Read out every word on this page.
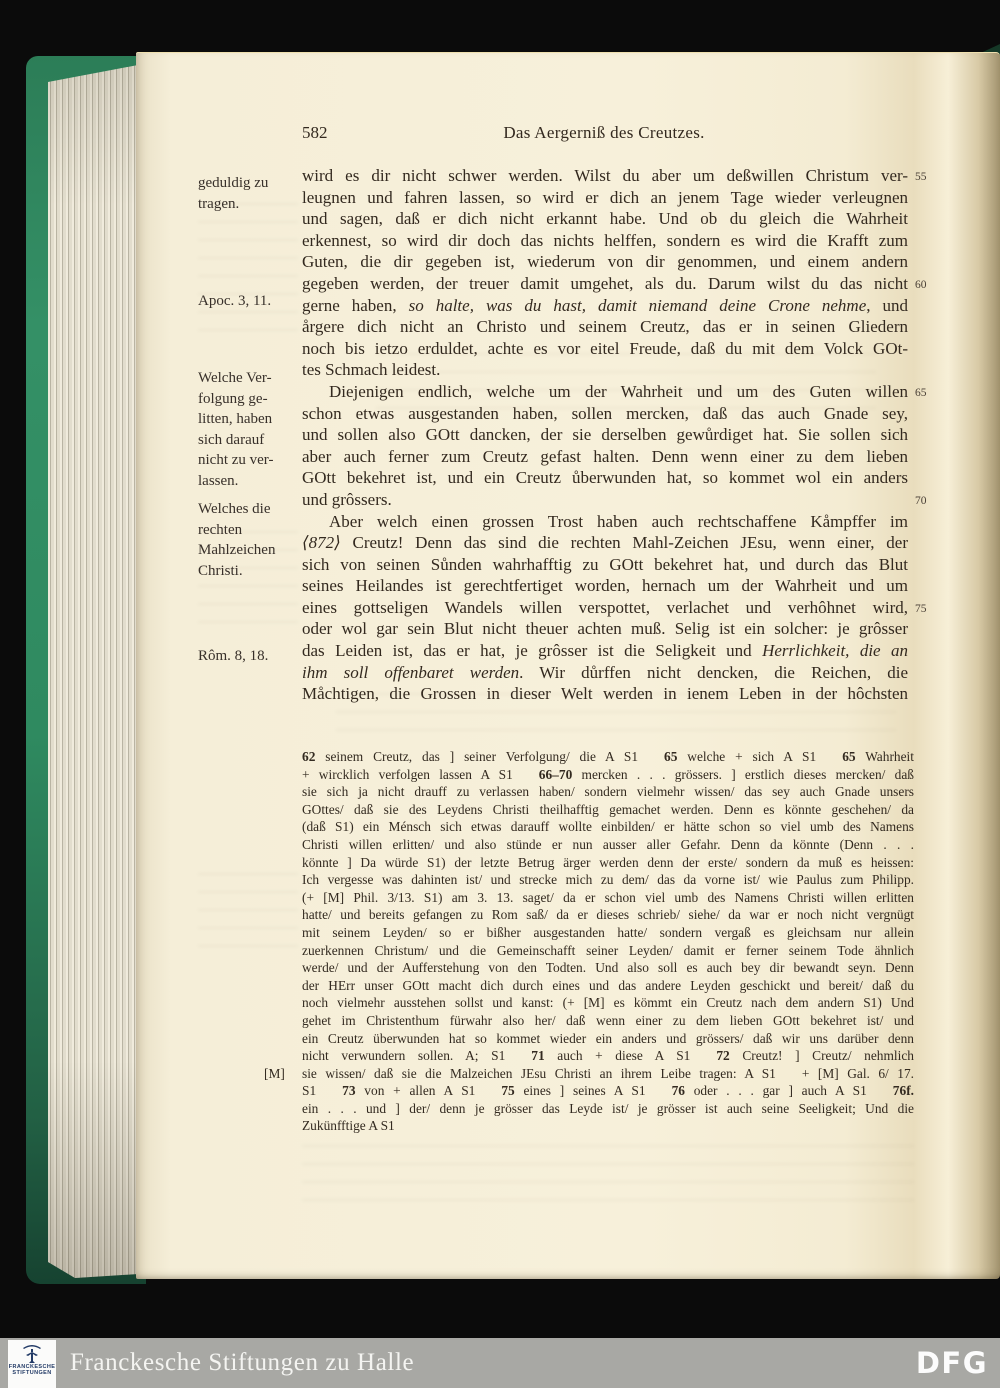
582	Das Aergerniß des Creutzes.
geduldig zu
tragen.
Apoc. 3, 11.
Welche Ver-
folgung ge-
litten, haben
sich darauf
nicht zu ver-
lassen.
Welches die
rechten
Mahlzeichen
Christi.
Rôm. 8, 18.
wird es dir nicht schwer werden. Wilst du aber um deßwillen Christum ver-
leugnen und fahren lassen, so wird er dich an jenem Tage wieder verleugnen
und sagen, daß er dich nicht erkannt habe. Und ob du gleich die Wahrheit
erkennest, so wird dir doch das nichts helffen, sondern es wird die Krafft zum
Guten, die dir gegeben ist, wiederum von dir genommen, und einem andern
gegeben werden, der treuer damit umgehet, als du. Darum wilst du das nicht
gerne haben, so halte, was du hast, damit niemand deine Crone nehme, und
årgere dich nicht an Christo und seinem Creutz, das er in seinen Gliedern
noch bis ietzo erduldet, achte es vor eitel Freude, daß du mit dem Volck GOt-
tes Schmach leidest.
Diejenigen endlich, welche um der Wahrheit und um des Guten willen
schon etwas ausgestanden haben, sollen mercken, daß das auch Gnade sey,
und sollen also GOtt dancken, der sie derselben gewůrdiget hat. Sie sollen sich
aber auch ferner zum Creutz gefast halten. Denn wenn einer zu dem lieben
GOtt bekehret ist, und ein Creutz ůberwunden hat, so kommet wol ein anders
und grôssers.
Aber welch einen grossen Trost haben auch rechtschaffene Kåmpffer im
⟨872⟩ Creutz! Denn das sind die rechten Mahl-Zeichen JEsu, wenn einer, der
sich von seinen Sůnden wahrhafftig zu GOtt bekehret hat, und durch das Blut
seines Heilandes ist gerechtfertiget worden, hernach um der Wahrheit und um
eines gottseligen Wandels willen verspottet, verlachet und verhôhnet wird,
oder wol gar sein Blut nicht theuer achten muß. Selig ist ein solcher: je grôsser
das Leiden ist, das er hat, je grôsser ist die Seligkeit und Herrlichkeit, die an
ihm soll offenbaret werden. Wir důrffen nicht dencken, die Reichen, die
Måchtigen, die Grossen in dieser Welt werden in ienem Leben in der hôchsten
55
60
65
70
75
62 seinem Creutz, das ] seiner Verfolgung/ die A S1 65 welche + sich A S1 65 Wahrheit
+ wircklich verfolgen lassen A S1 66–70 mercken . . . grössers. ] erstlich dieses mercken/ daß
sie sich ja nicht drauff zu verlassen haben/ sondern vielmehr wissen/ das sey auch Gnade unsers
GOttes/ daß sie des Leydens Christi theilhafftig gemachet werden. Denn es könnte geschehen/ da
(daß S1) ein Ménsch sich etwas darauff wollte einbilden/ er hätte schon so viel umb des Namens
Christi willen erlitten/ und also stünde er nun ausser aller Gefahr. Denn da könnte (Denn . . .
könnte ] Da würde S1) der letzte Betrug ärger werden denn der erste/ sondern da muß es heissen:
Ich vergesse was dahinten ist/ und strecke mich zu dem/ das da vorne ist/ wie Paulus zum Philipp.
(+ [M] Phil. 3/13. S1) am 3. 13. saget/ da er schon viel umb des Namens Christi willen erlitten
hatte/ und bereits gefangen zu Rom saß/ da er dieses schrieb/ siehe/ da war er noch nicht vergnügt
mit seinem Leyden/ so er bißher ausgestanden hatte/ sondern vergaß es gleichsam nur allein
zuerkennen Christum/ und die Gemeinschafft seiner Leyden/ damit er ferner seinem Tode ähnlich
werde/ und der Aufferstehung von den Todten. Und also soll es auch bey dir bewandt seyn. Denn
der HErr unser GOtt macht dich durch eines und das andere Leyden geschickt und bereit/ daß du
noch vielmehr ausstehen sollst und kanst: (+ [M] es kömmt ein Creutz nach dem andern S1) Und
gehet im Christenthum fürwahr also her/ daß wenn einer zu dem lieben GOtt bekehret ist/ und
ein Creutz überwunden hat so kommet wieder ein anders und grössers/ daß wir uns darüber denn
nicht verwundern sollen. A; S1 71 auch + diese A S1 72 Creutz! ] Creutz/ nehmlich
[M] sie wissen/ daß sie die Malzeichen JEsu Christi an ihrem Leibe tragen: A S1 + [M] Gal. 6/ 17.
S1 73 von + allen A S1 75 eines ] seines A S1 76 oder . . . gar ] auch A S1 76f.
ein . . . und ] der/ denn je grösser das Leyde ist/ je grösser ist auch seine Seeligkeit; Und die
Zukünfftige A S1
FRANCKESCHE
STIFTUNGEN Franckesche Stiftungen zu Halle	DFG
